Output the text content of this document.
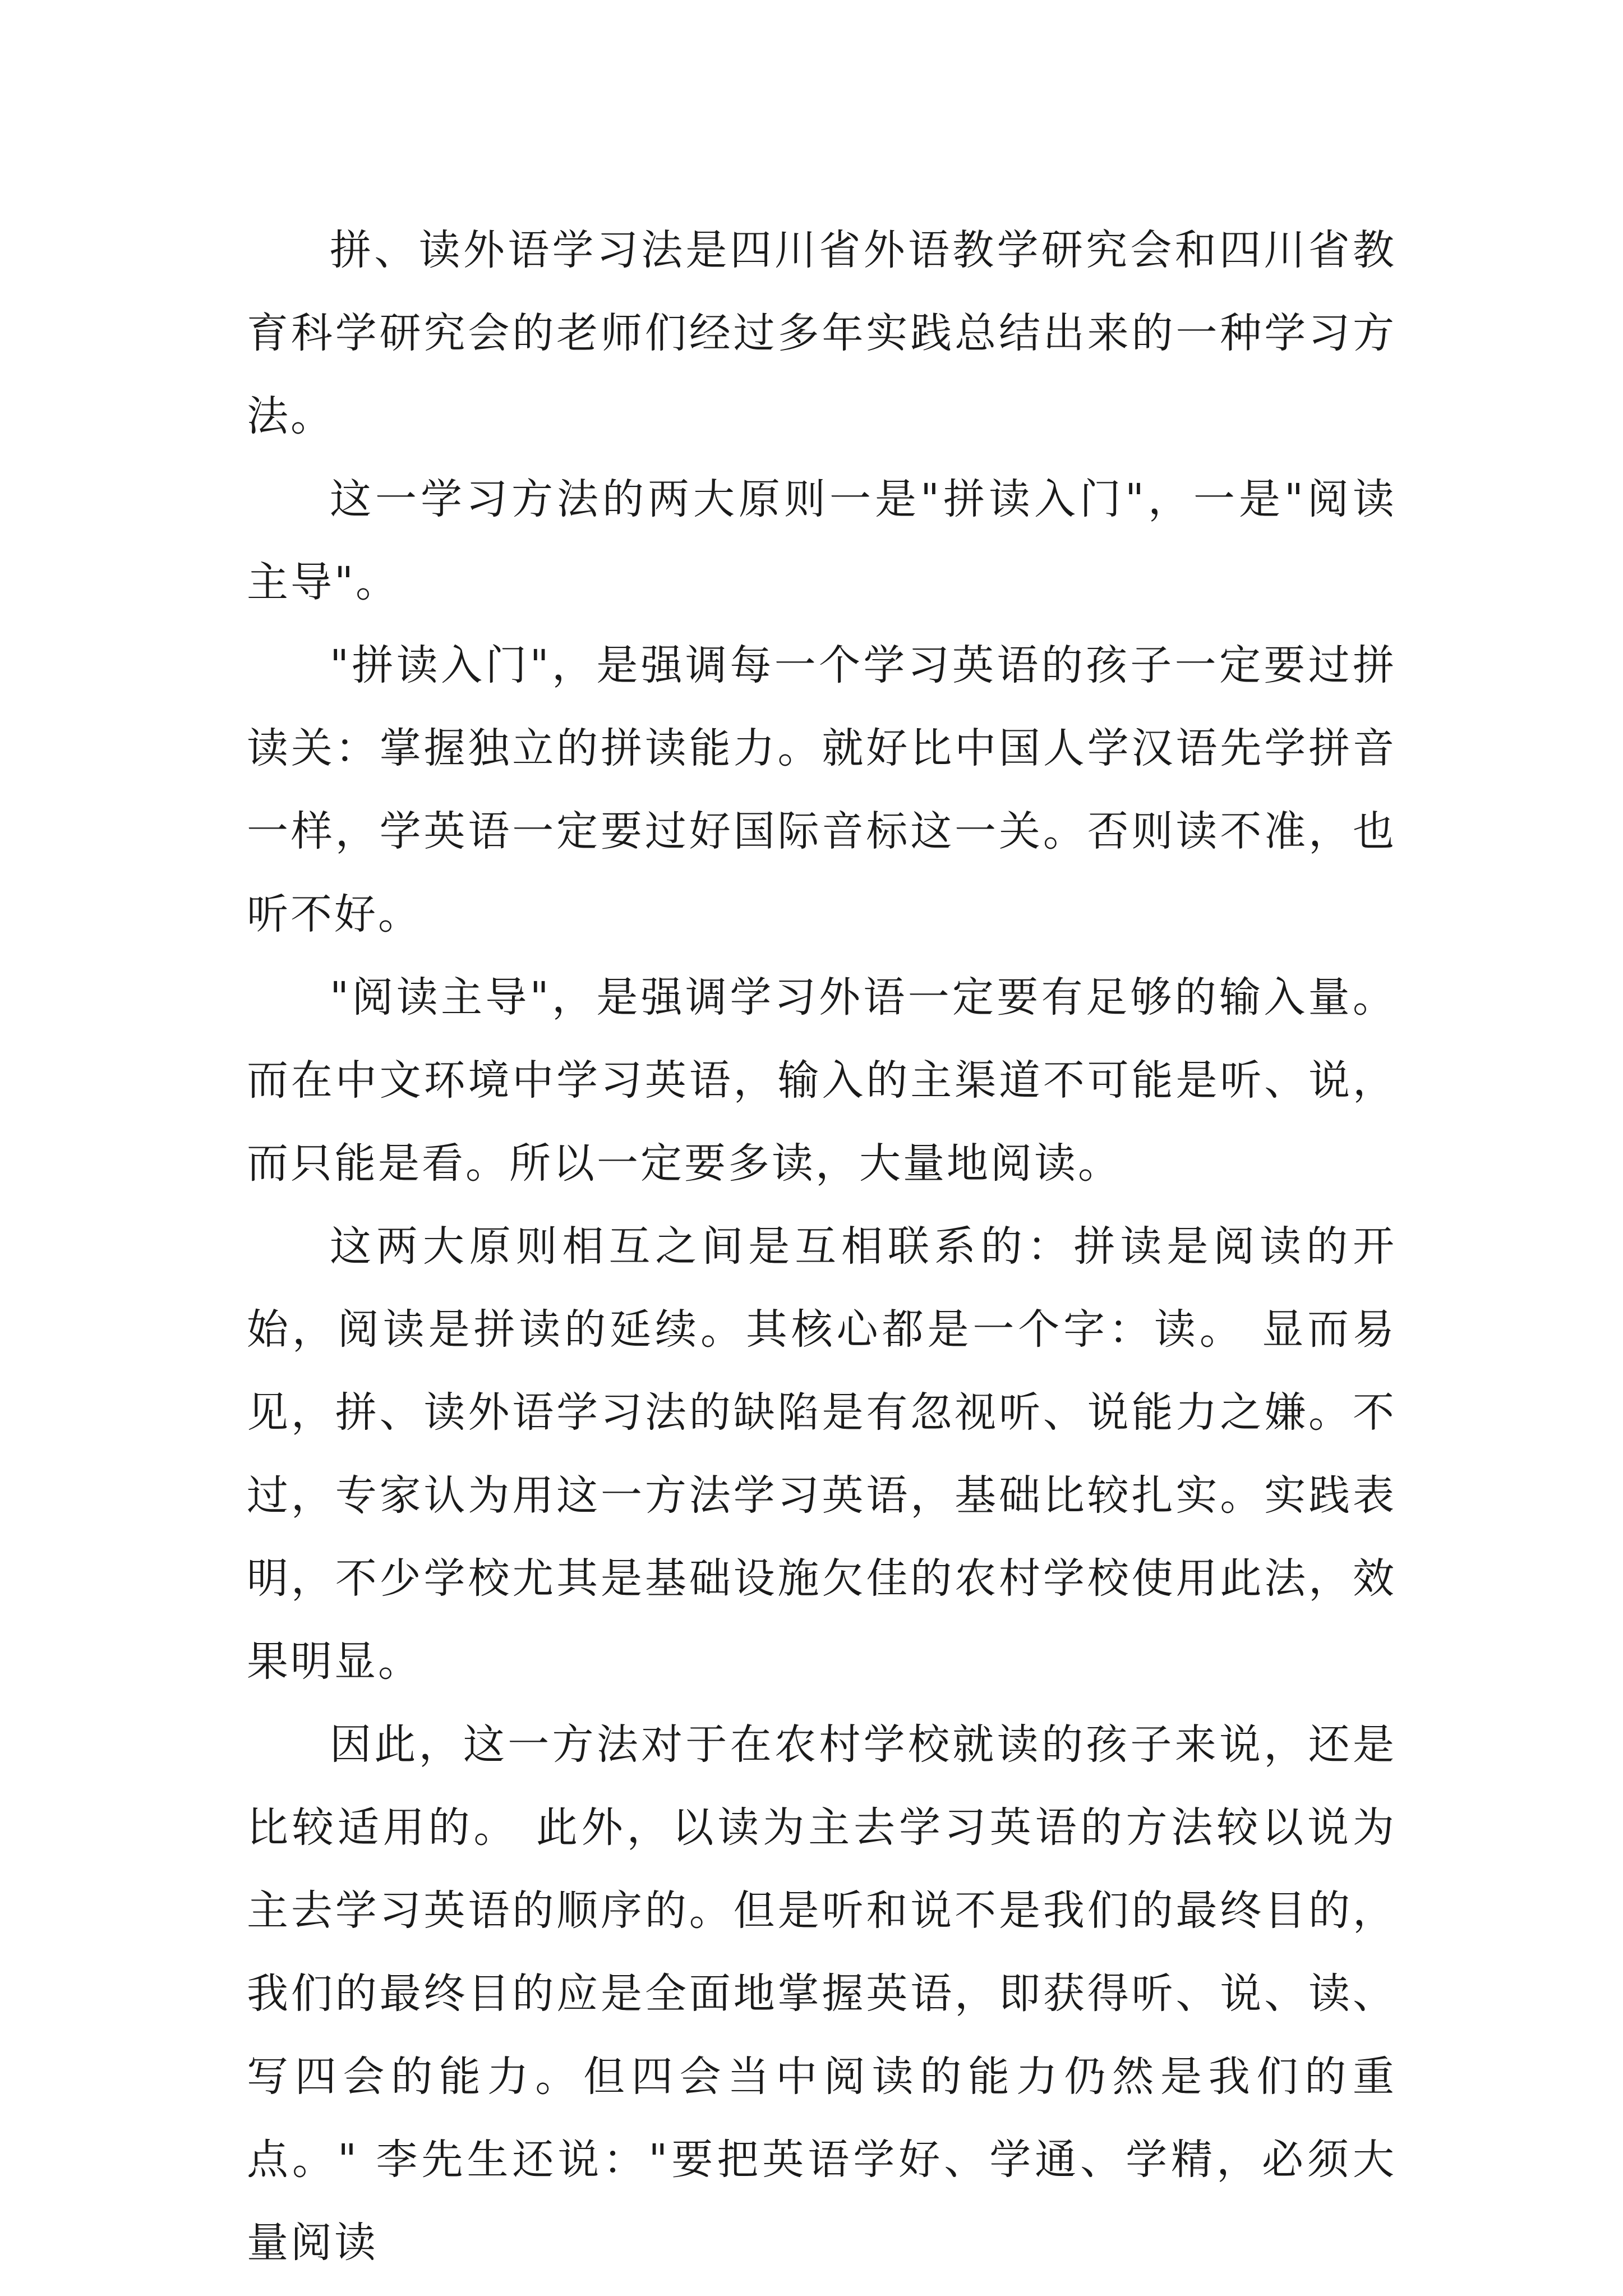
拼、读外语学习法是四川省外语教学研究会和四川省教育科学研究会的老师们经过多年实践总结出来的一种学习方法。

这一学习方法的两大原则一是"拼读入门"，一是"阅读主导"。

"拼读入门"，是强调每一个学习英语的孩子一定要过拼读关：掌握独立的拼读能力。就好比中国人学汉语先学拼音一样，学英语一定要过好国际音标这一关。否则读不准，也听不好。

"阅读主导"，是强调学习外语一定要有足够的输入量。而在中文环境中学习英语，输入的主渠道不可能是听、说，而只能是看。所以一定要多读，大量地阅读。

这两大原则相互之间是互相联系的：拼读是阅读的开始，阅读是拼读的延续。其核心都是一个字：读。 显而易见，拼、读外语学习法的缺陷是有忽视听、说能力之嫌。不过，专家认为用这一方法学习英语，基础比较扎实。实践表明，不少学校尤其是基础设施欠佳的农村学校使用此法，效果明显。

因此，这一方法对于在农村学校就读的孩子来说，还是比较适用的。 此外，以读为主去学习英语的方法较以说为主去学习英语的顺序的。但是听和说不是我们的最终目的，我们的最终目的应是全面地掌握英语，即获得听、说、读、写四会的能力。但四会当中阅读的能力仍然是我们的重点。" 李先生还说："要把英语学好、学通、学精，必须大量阅读
